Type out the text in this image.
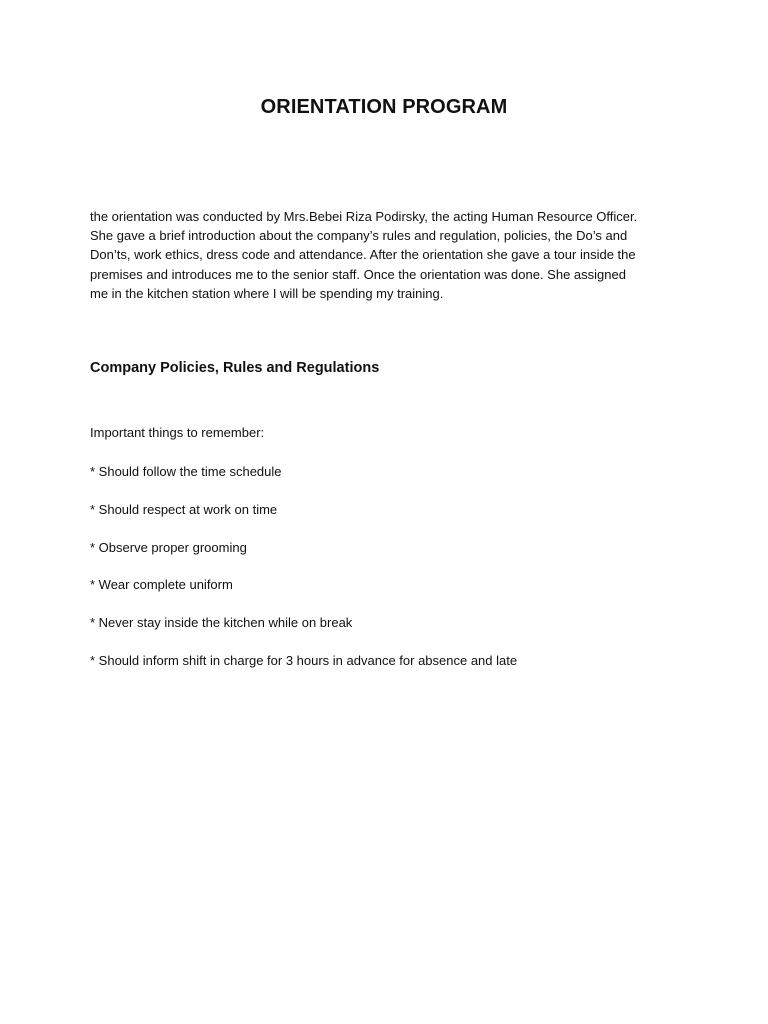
ORIENTATION PROGRAM

the orientation was conducted by Mrs.Bebei Riza Podirsky, the acting Human Resource Officer.
She gave a brief introduction about the company’s rules and regulation, policies, the Do’s and
Don’ts, work ethics, dress code and attendance. After the orientation she gave a tour inside the
premises and introduces me to the senior staff. Once the orientation was done. She assigned
me in the kitchen station where I will be spending my training.

Company Policies, Rules and Regulations

Important things to remember:

* Should follow the time schedule
* Should respect at work on time
* Observe proper grooming
* Wear complete uniform
* Never stay inside the kitchen while on break
* Should inform shift in charge for 3 hours in advance for absence and late
